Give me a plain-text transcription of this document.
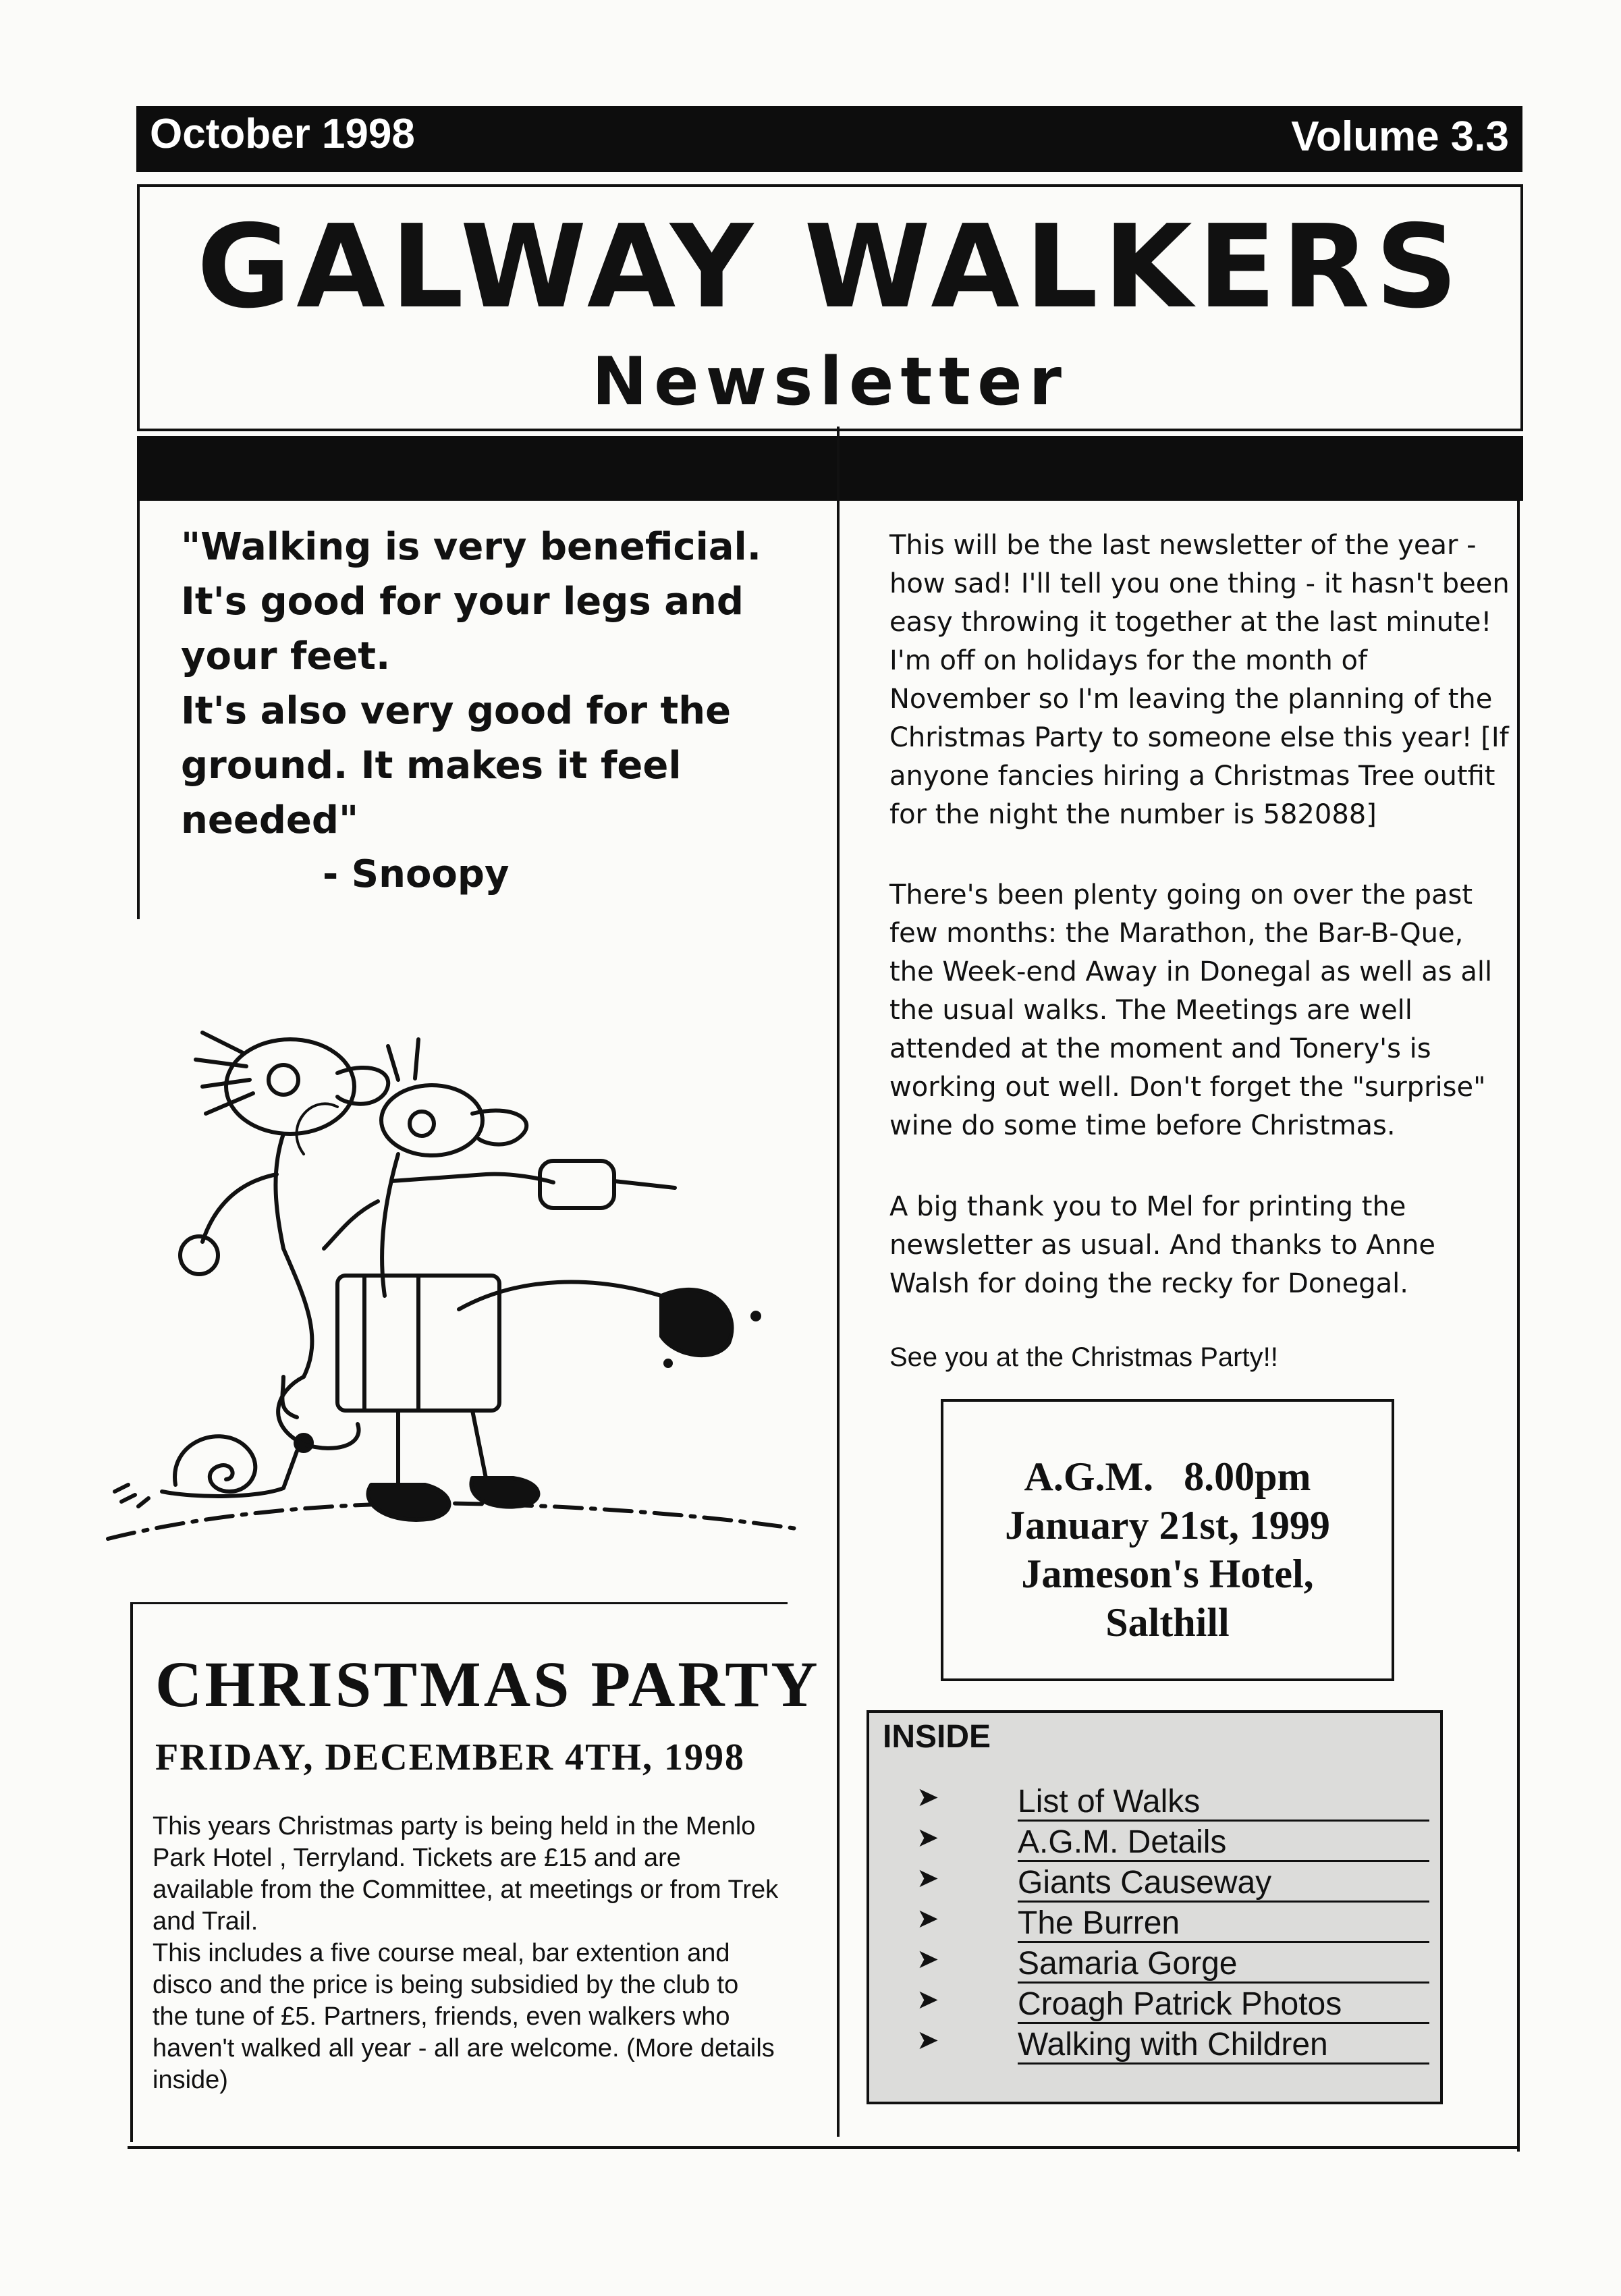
October 1998	Volume 3.3
GALWAY WALKERS
Newsletter
"Walking is very beneficial.
It's good for your legs and
your feet.
It's also very good for the
ground. It makes it feel
needed"
- Snoopy
This will be the last newsletter of the year - how sad! I'll tell you one thing - it hasn't been easy throwing it together at the last minute! I'm off on holidays for the month of November so I'm leaving the planning of the Christmas Party to someone else this year! [If anyone fancies hiring a Christmas Tree outfit for the night the number is 582088]
There's been plenty going on over the past few months: the Marathon, the Bar-B-Que, the Week-end Away in Donegal as well as all the usual walks. The Meetings are well attended at the moment and Tonery's is working out well. Don't forget the "surprise" wine do some time before Christmas.
A big thank you to Mel for printing the newsletter as usual. And thanks to Anne Walsh for doing the recky for Donegal.
See you at the Christmas Party!!
A.G.M.   8.00pm
January 21st, 1999
Jameson's Hotel,
Salthill
CHRISTMAS PARTY
FRIDAY, DECEMBER 4TH, 1998
This years Christmas party is being held in the Menlo Park Hotel , Terryland. Tickets are £15 and are available from the Committee, at meetings or from Trek and Trail.
This includes a five course meal, bar extention and disco and the price is being subsidied by the club to the tune of £5. Partners, friends, even walkers who haven't walked all year - all are welcome. (More details inside)
INSIDE
➤ List of Walks
➤ A.G.M. Details
➤ Giants Causeway
➤ The Burren
➤ Samaria Gorge
➤ Croagh Patrick Photos
➤ Walking with Children
